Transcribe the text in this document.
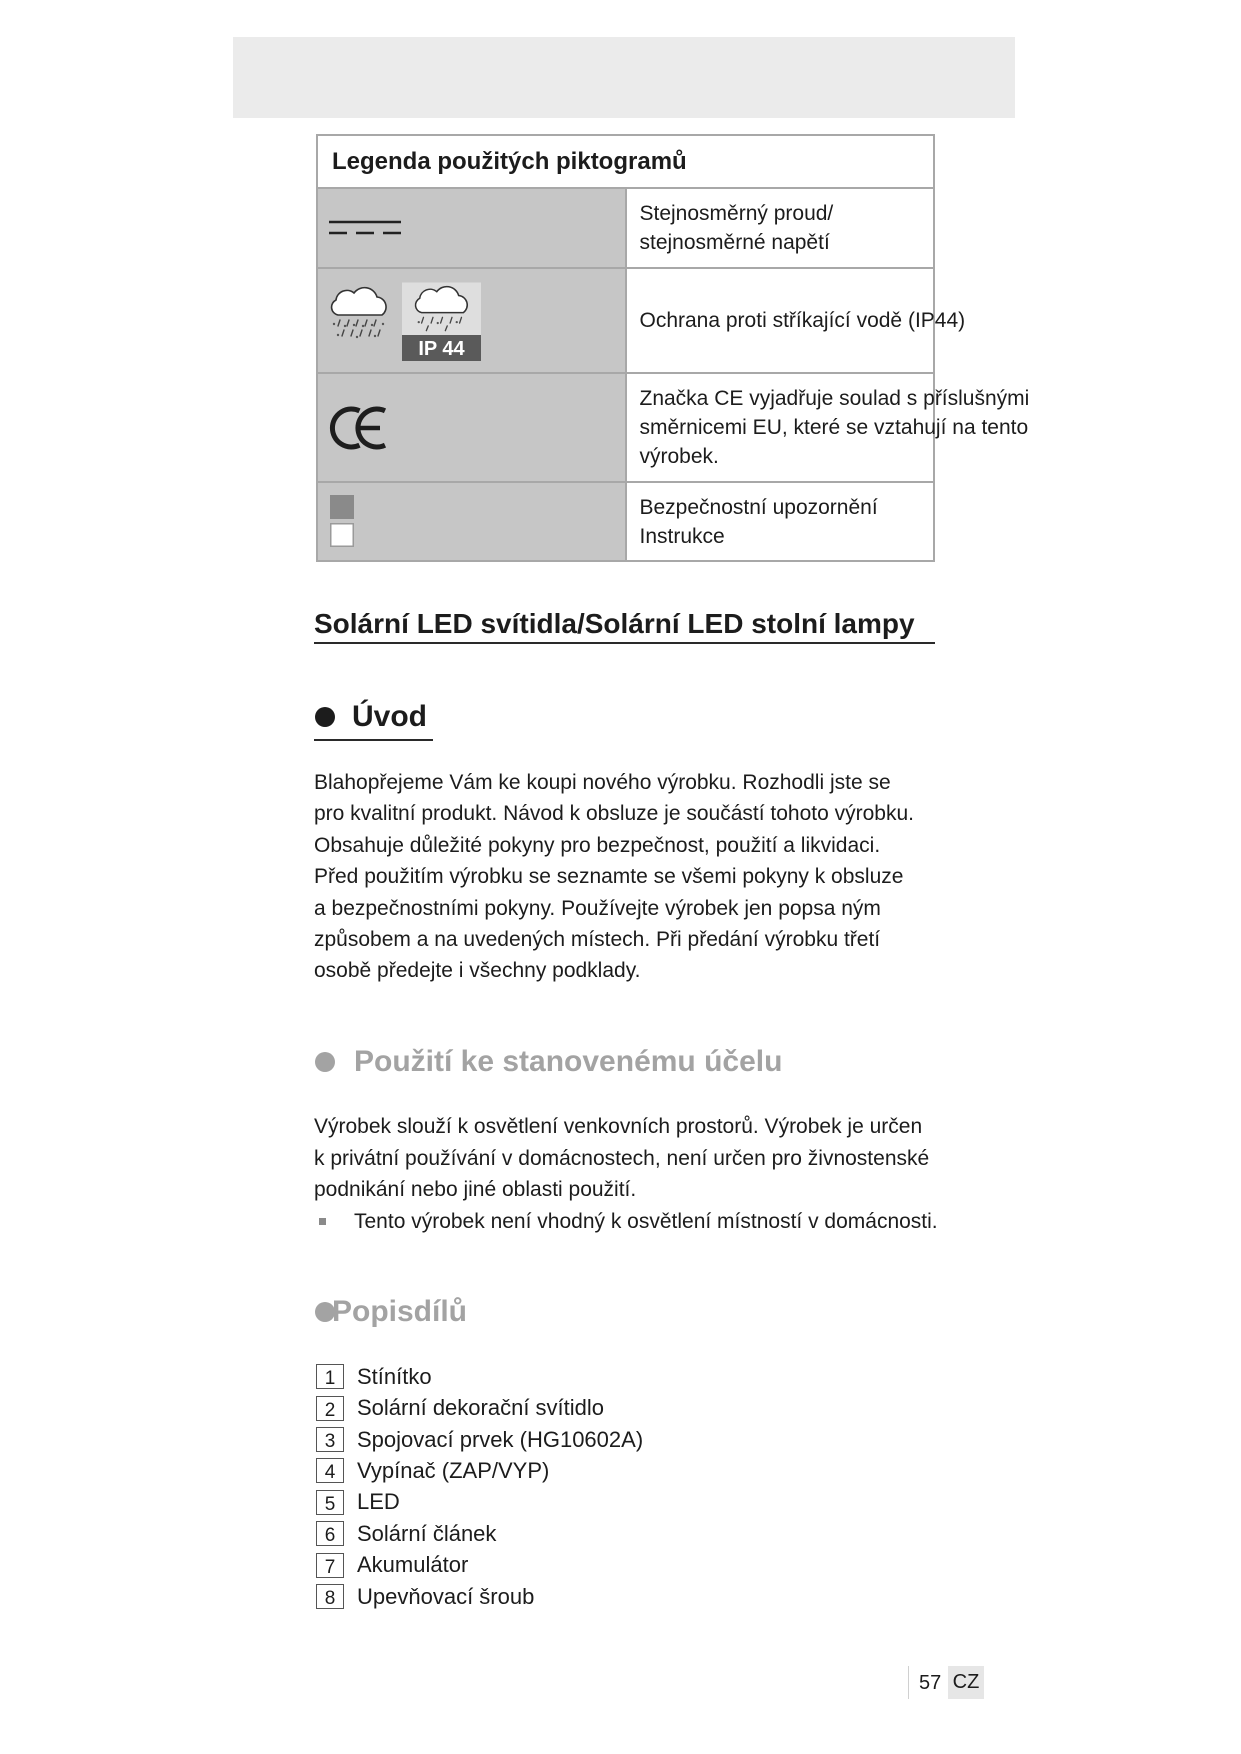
Legenda použitých piktogramů	

Stejnosměrný proud/
stejnosměrné napětí

IP 44	Ochrana proti stříkající vodě (IP44)

Značka CE vyjadřuje soulad s příslušnými
směrnicemi EU, které se vztahují na tento
výrobek.

Bezpečnostní upozornění
Instrukce
Solární LED svítidla/Solární LED stolní lampy
Úvod
Blahopřejeme Vám ke koupi nového výrobku. Rozhodli jste se
pro kvalitní produkt. Návod k obsluze je součástí tohoto výrobku.
Obsahuje důležité pokyny pro bezpečnost, použití a likvidaci.
Před použitím výrobku se seznamte se všemi pokyny k obsluze
a bezpečnostními pokyny. Používejte výrobek jen popsa ným
způsobem a na uvedených místech. Při předání výrobku třetí
osobě předejte i všechny podklady.
Použití ke stanovenému účelu
Výrobek slouží k osvětlení venkovních prostorů. Výrobek je určen
k privátní používání v domácnostech, není určen pro živnostenské
podnikání nebo jiné oblasti použití.
Tento výrobek není vhodný k osvětlení místností v domácnosti.
Popisdílů
1 Stínítko
2 Solární dekorační svítidlo
3 Spojovací prvek (HG10602A)
4 Vypínač (ZAP/VYP)
5 LED
6 Solární článek
7 Akumulátor
8 Upevňovací šroub
57 CZ
